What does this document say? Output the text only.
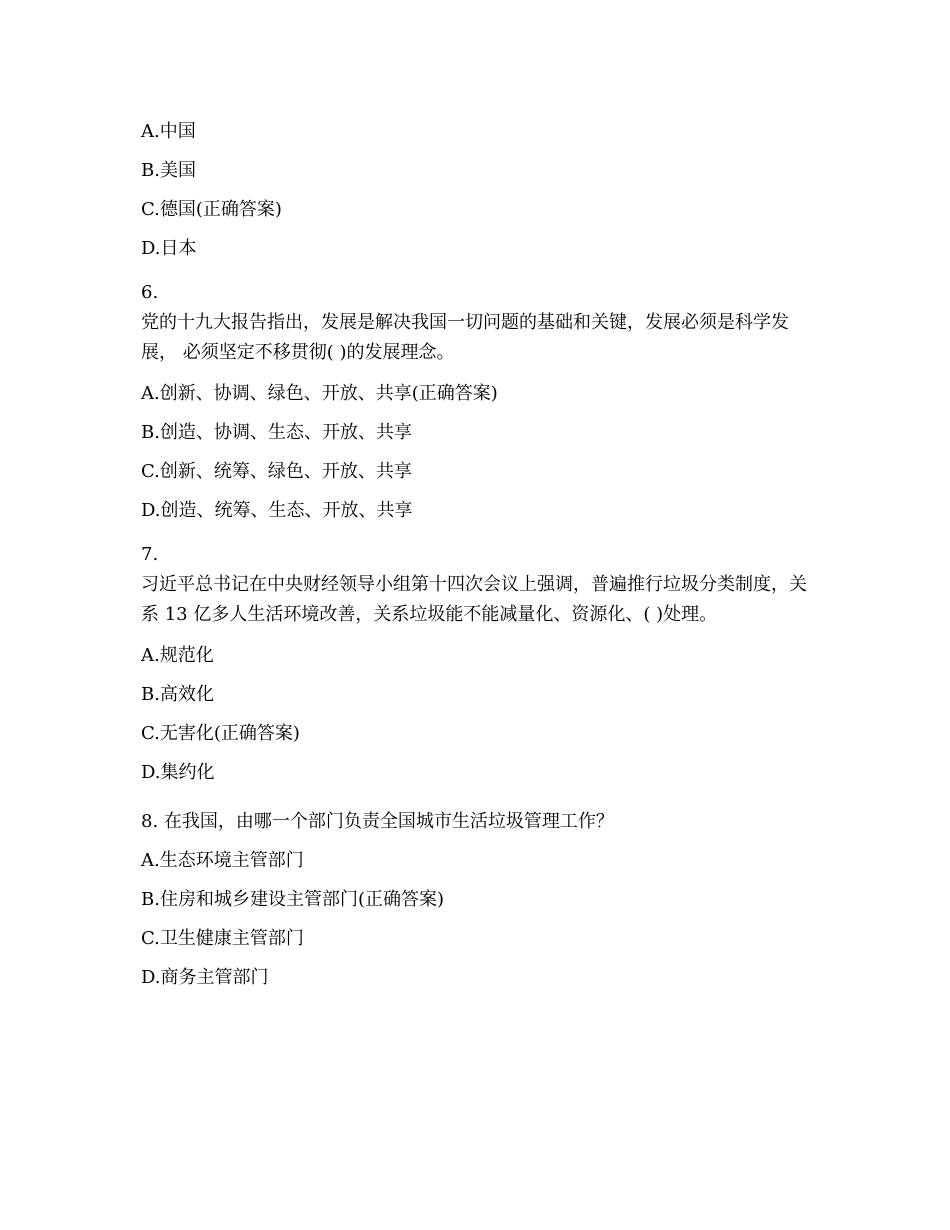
A.中国
B.美国
C.德国(正确答案)
D.日本
6.
党的十九大报告指出，发展是解决我国一切问题的基础和关键，发展必须是科学发展， 必须坚定不移贯彻( )的发展理念。
A.创新、协调、绿色、开放、共享(正确答案)
B.创造、协调、生态、开放、共享
C.创新、统筹、绿色、开放、共享
D.创造、统筹、生态、开放、共享
7.
习近平总书记在中央财经领导小组第十四次会议上强调，普遍推行垃圾分类制度，关系 13 亿多人生活环境改善，关系垃圾能不能减量化、资源化、( )处理。
A.规范化
B.高效化
C.无害化(正确答案)
D.集约化
8. 在我国，由哪一个部门负责全国城市生活垃圾管理工作？
A.生态环境主管部门
B.住房和城乡建设主管部门(正确答案)
C.卫生健康主管部门
D.商务主管部门
